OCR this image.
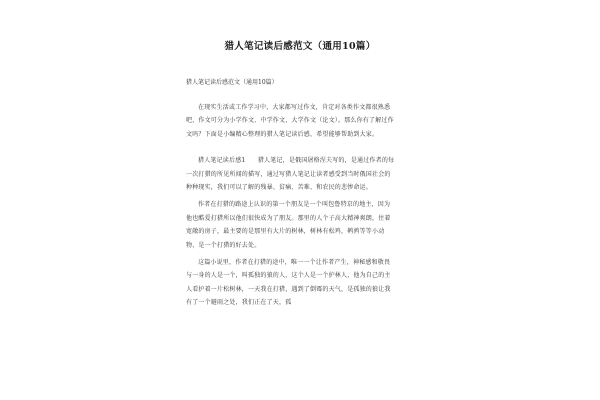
猎人笔记读后感范文（通用10篇）

猎人笔记读后感范文（通用10篇）

在现实生活或工作学习中，大家都写过作文，肯定对各类作文都很熟悉吧，作文可分为小学作文、中学作文、大学作文（论文）。那么你有了解过作文吗？下面是小编精心整理的猎人笔记读后感，希望能够帮助到大家。

猎人笔记读后感1　　猎人笔记，是俄国屠格涅夫写的，是通过作者的每一次打猎的所见所闻的描写，通过写猎人笔记让读者感受到当时俄国社会的种种现实，我们可以了解的残暴、贫痛、苦难、和农民的悲惨命运。

作者在打猎的路途上认识的第一个朋友是一个叫包鲁特京的地主，因为他也酷爱打猎所以他们很快成为了朋友。那里的人个子高大精神爽朗，住着宽敞的房子，最主要的是那里有大片的树林，树林有松鸡，鹌鹑等等小动物，是一个打猎的好去处。

这篇小说里，作者在打猎的途中，唯一一个让作者产生，神秘感和敬畏与一身的人是一个，叫孤独的狼的人，这个人是一个护林人，他为自己的主人看护着一片松树林，一天我在打猎，遇到了倒霉的天气，是孤独的狼让我有了一个避雨之处，我们正在了天，孤
